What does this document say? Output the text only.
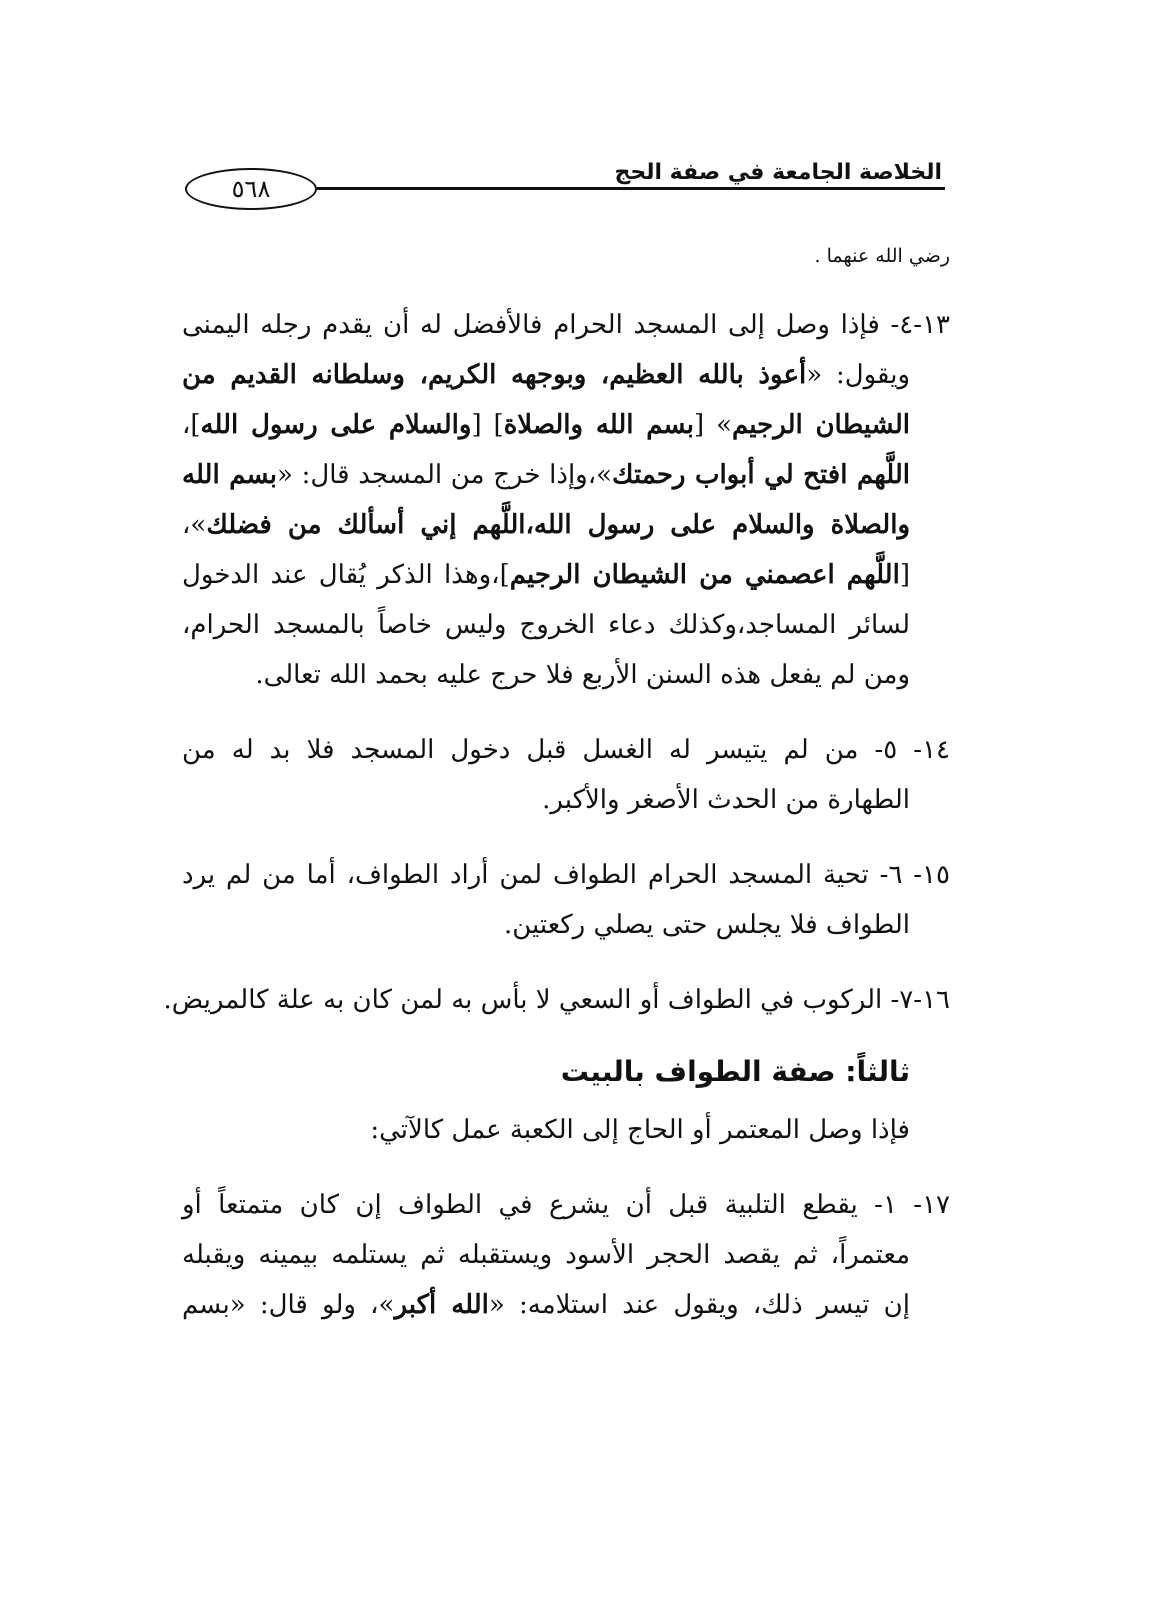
الخلاصة الجامعة في صفة الحج
٥٦٨
رضي الله عنهما .
١٣-٤- فإذا وصل إلى المسجد الحرام فالأفضل له أن يقدم رجله اليمنى
ويقول: «أعوذ بالله العظيم، وبوجهه الكريم، وسلطانه القديم من
الشيطان الرجيم» [بسم الله والصلاة] [والسلام على رسول الله]،
اللَّهم افتح لي أبواب رحمتك»،وإذا خرج من المسجد قال: «بسم الله
والصلاة والسلام على رسول الله،اللَّهم إني أسألك من فضلك»،
[اللَّهم اعصمني من الشيطان الرجيم]،وهذا الذكر يُقال عند الدخول
لسائر المساجد،وكذلك دعاء الخروج وليس خاصاً بالمسجد الحرام،
ومن لم يفعل هذه السنن الأربع فلا حرج عليه بحمد الله تعالى.
١٤- ٥- من لم يتيسر له الغسل قبل دخول المسجد فلا بد له من
الطهارة من الحدث الأصغر والأكبر.
١٥- ٦- تحية المسجد الحرام الطواف لمن أراد الطواف، أما من لم يرد
الطواف فلا يجلس حتى يصلي ركعتين.
١٦-٧- الركوب في الطواف أو السعي لا بأس به لمن كان به علة كالمريض.
ثالثاً: صفة الطواف بالبيت
فإذا وصل المعتمر أو الحاج إلى الكعبة عمل كالآتي:
١٧- ١- يقطع التلبية قبل أن يشرع في الطواف إن كان متمتعاً أو
معتمراً، ثم يقصد الحجر الأسود ويستقبله ثم يستلمه بيمينه ويقبله
إن تيسر ذلك، ويقول عند استلامه: «الله أكبر»، ولو قال: «بسم
